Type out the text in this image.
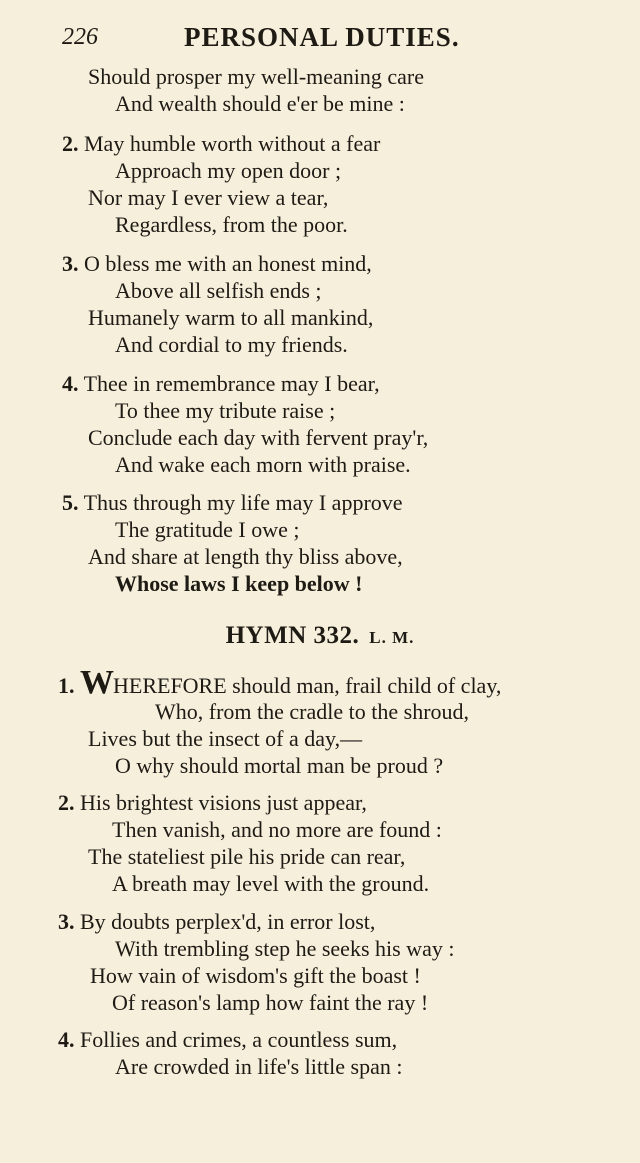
226	PERSONAL DUTIES.
Should prosper my well-meaning care
And wealth should e'er be mine :
2. May humble worth without a fear
Approach my open door ;
Nor may I ever view a tear,
Regardless, from the poor.
3. O bless me with an honest mind,
Above all selfish ends ;
Humanely warm to all mankind,
And cordial to my friends.
4. Thee in remembrance may I bear,
To thee my tribute raise ;
Conclude each day with fervent pray'r,
And wake each morn with praise.
5. Thus through my life may I approve
The gratitude I owe ;
And share at length thy bliss above,
Whose laws I keep below !
HYMN 332. L. M.
1. WHEREFORE should man, frail child of clay,
Who, from the cradle to the shroud,
Lives but the insect of a day,—
O why should mortal man be proud ?
2. His brightest visions just appear,
Then vanish, and no more are found :
The stateliest pile his pride can rear,
A breath may level with the ground.
3. By doubts perplex'd, in error lost,
With trembling step he seeks his way :
How vain of wisdom's gift the boast !
Of reason's lamp how faint the ray !
4. Follies and crimes, a countless sum,
Are crowded in life's little span :
